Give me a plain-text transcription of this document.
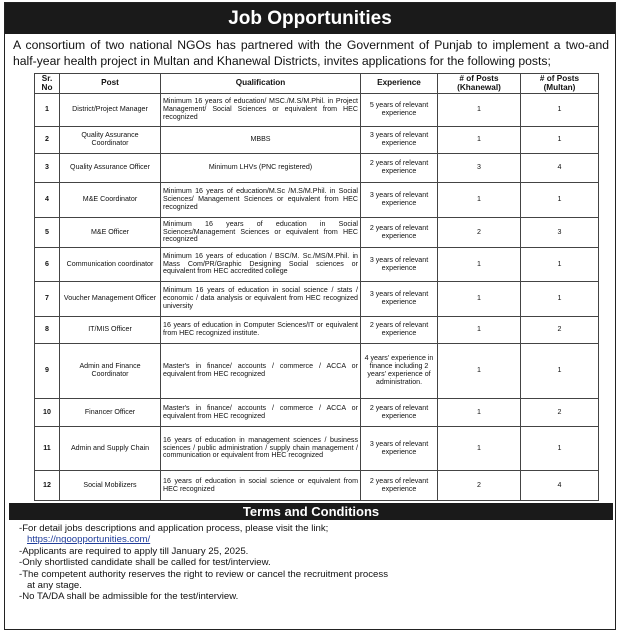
Job Opportunities

A consortium of two national NGOs has partnered with the Government of Punjab to implement a two-and half-year health project in Multan and Khanewal Districts, invites applications for the following posts;

Sr. No	Post	Qualification	Experience	# of Posts (Khanewal)	# of Posts (Multan)
1	District/Project Manager	Minimum 16 years of education/ MSC./M.S/M.Phil. in Project Management/ Social Sciences or equivalent from HEC recognized	5 years of relevant experience	1	1
2	Quality Assurance Coordinator	MBBS	3 years of relevant experience	1	1
3	Quality Assurance Officer	Minimum LHVs (PNC registered)	2 years of relevant experience	3	4
4	M&E Coordinator	Minimum 16 years of education/M.Sc /M.S/M.Phil. in Social Sciences/ Management Sciences or equivalent from HEC recognized	3 years of relevant experience	1	1
5	M&E Officer	Minimum 16 years of education in Social Sciences/Management Sciences or equivalent from HEC recognized	2 years of relevant experience	2	3
6	Communication coordinator	Minimum 16 years of education / BSC/M. Sc./MS/M.Phil. in Mass Com/PR/Graphic Designing Social sciences or equivalent from HEC accredited college	3 years of relevant experience	1	1
7	Voucher Management Officer	Minimum 16 years of education in social science / stats / economic / data analysis or equivalent from HEC recognized university	3 years of relevant experience	1	1
8	IT/MIS Officer	16 years of education in Computer Sciences/IT or equivalent from HEC recognized institute.	2 years of relevant experience	1	2
9	Admin and Finance Coordinator	Master's in finance/ accounts / commerce / ACCA or equivalent from HEC recognized	4 years' experience in finance including 2 years' experience of administration.	1	1
10	Financer Officer	Master's in finance/ accounts / commerce / ACCA or equivalent from HEC recognized	2 years of relevant experience	1	2
11	Admin and Supply Chain	16 years of education in management sciences / business sciences / public administration / supply chain management / communication or equivalent from HEC recognized	3 years of relevant experience	1	1
12	Social Mobilizers	16 years of education in social science or equivalent from HEC recognized	2 years of relevant experience	2	4
Terms and Conditions
-For detail jobs descriptions and application process, please visit the link;
https://ngoopportunities.com/
-Applicants are required to apply till January 25, 2025.
-Only shortlisted candidate shall be called for test/interview.
-The competent authority reserves the right to review or cancel the recruitment process
at any stage.
-No TA/DA shall be admissible for the test/interview.
